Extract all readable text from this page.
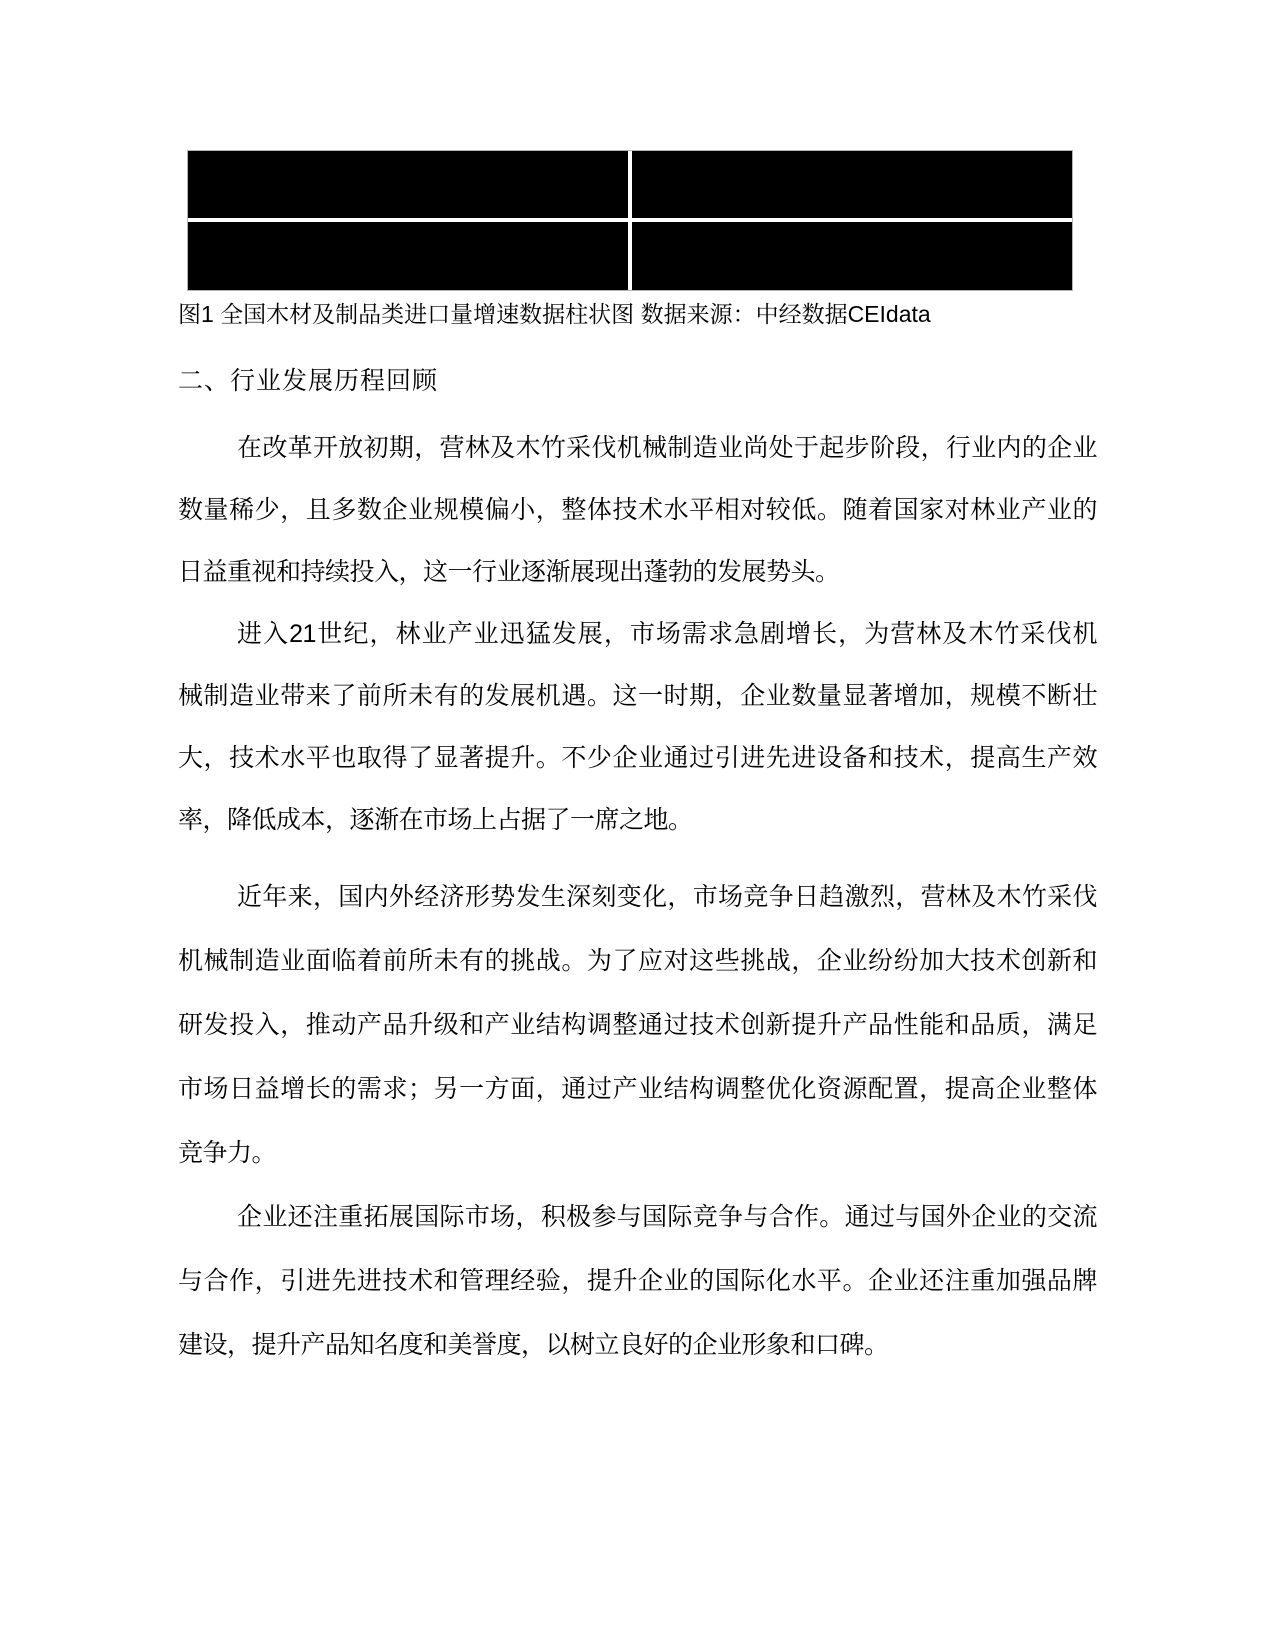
图1 全国木材及制品类进口量增速数据柱状图 数据来源：中经数据CEIdata
二、行业发展历程回顾
在改革开放初期，营林及木竹采伐机械制造业尚处于起步阶段，行业内的企业
数量稀少，且多数企业规模偏小，整体技术水平相对较低。随着国家对林业产业的
日益重视和持续投入，这一行业逐渐展现出蓬勃的发展势头。
进入21世纪，林业产业迅猛发展，市场需求急剧增长，为营林及木竹采伐机
械制造业带来了前所未有的发展机遇。这一时期，企业数量显著增加，规模不断壮
大，技术水平也取得了显著提升。不少企业通过引进先进设备和技术，提高生产效
率，降低成本，逐渐在市场上占据了一席之地。
近年来，国内外经济形势发生深刻变化，市场竞争日趋激烈，营林及木竹采伐
机械制造业面临着前所未有的挑战。为了应对这些挑战，企业纷纷加大技术创新和
研发投入，推动产品升级和产业结构调整通过技术创新提升产品性能和品质，满足
市场日益增长的需求；另一方面，通过产业结构调整优化资源配置，提高企业整体
竞争力。
企业还注重拓展国际市场，积极参与国际竞争与合作。通过与国外企业的交流
与合作，引进先进技术和管理经验，提升企业的国际化水平。企业还注重加强品牌
建设，提升产品知名度和美誉度，以树立良好的企业形象和口碑。
